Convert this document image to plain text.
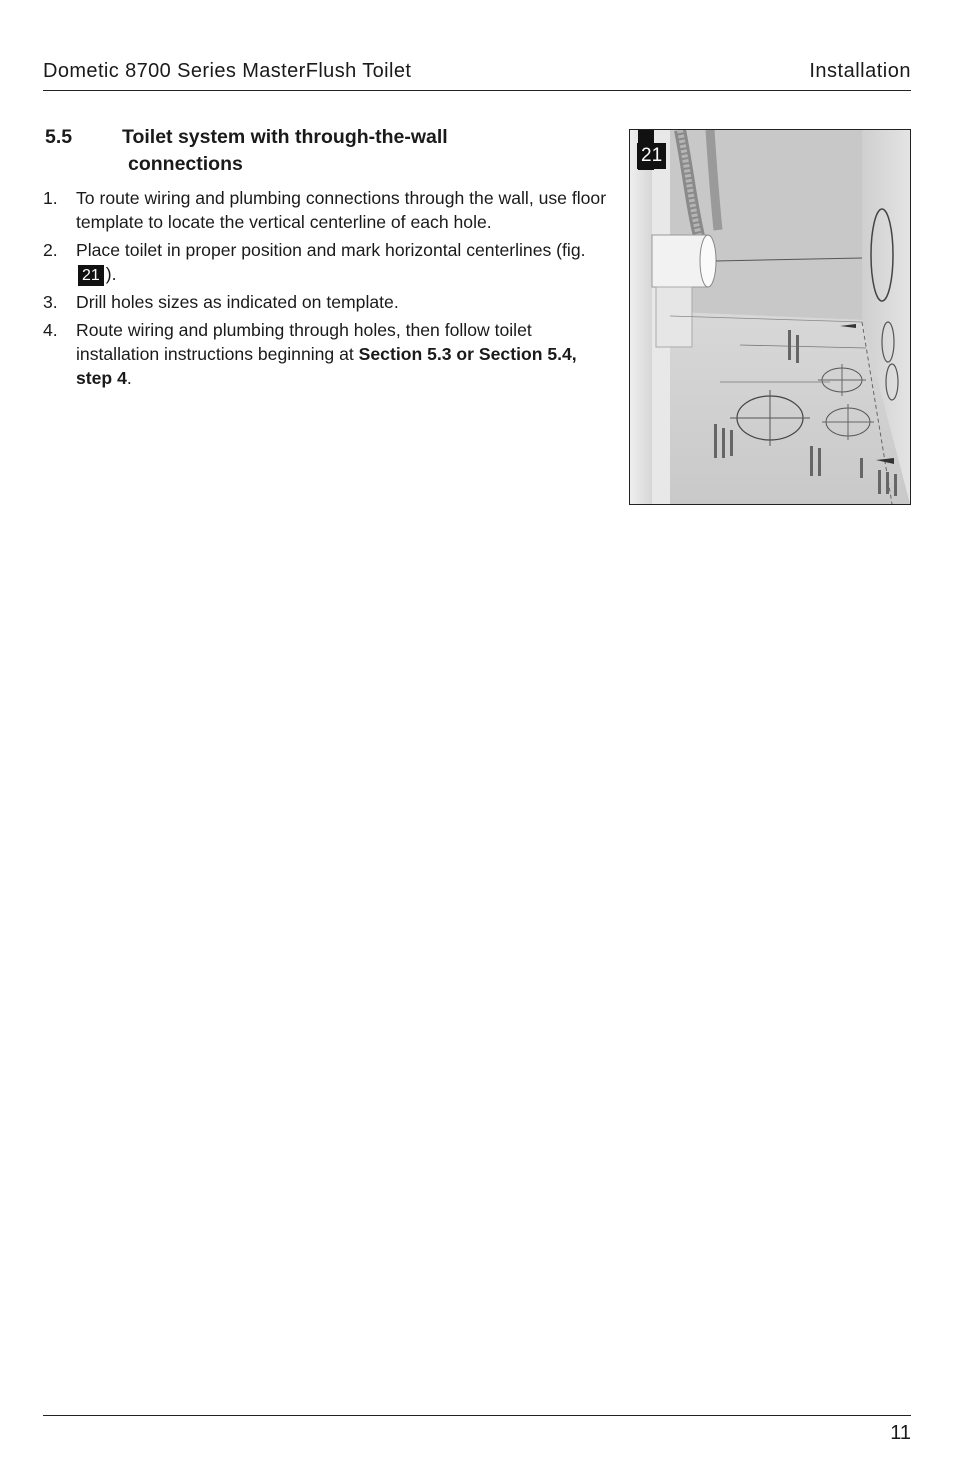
Dometic 8700 Series MasterFlush Toilet	Installation
5.5	Toilet system with through-the-wall
connections
1. To route wiring and plumbing connections through the wall, use floor template to locate the vertical centerline of each hole.
2. Place toilet in proper position and mark horizontal centerlines (fig. 21 ).
3. Drill holes sizes as indicated on template.
4. Route wiring and plumbing through holes, then follow toilet installation instructions beginning at Section 5.3 or Section 5.4, step 4.
21
11
